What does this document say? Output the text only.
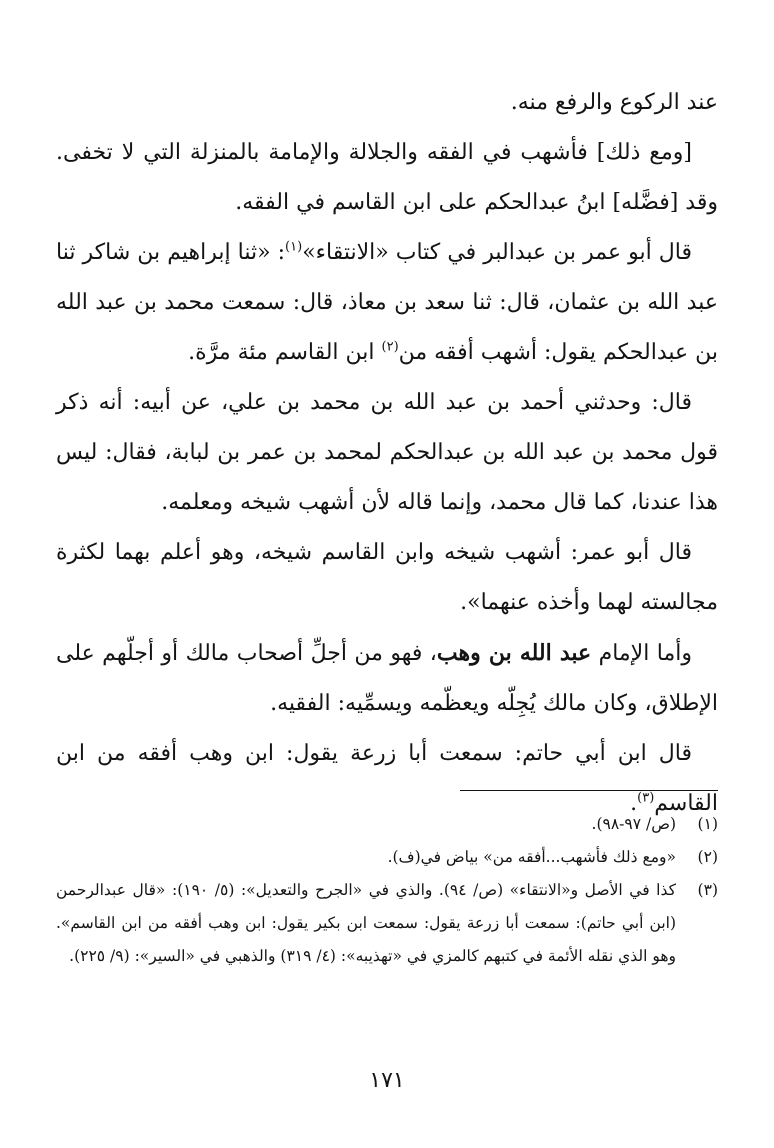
عند الركوع والرفع منه.

[ومع ذلك] فأشهب في الفقه والجلالة والإمامة بالمنزلة التي لا تخفى. وقد [فضَّله] ابنُ عبدالحكم على ابن القاسم في الفقه.

قال أبو عمر بن عبدالبر في كتاب «الانتقاء»$^{(١)}$: «ثنا إبراهيم بن شاكر ثنا عبد الله بن عثمان، قال: ثنا سعد بن معاذ، قال: سمعت محمد بن عبد الله بن عبدالحكم يقول: أشهب أفقه من$^{(٢)}$ ابن القاسم مئة مرَّة.

قال: وحدثني أحمد بن عبد الله بن محمد بن علي، عن أبيه: أنه ذكر قول محمد بن عبد الله بن عبدالحكم لمحمد بن عمر بن لبابة، فقال: ليس هذا عندنا، كما قال محمد، وإنما قاله لأن أشهب شيخه ومعلمه.

قال أبو عمر: أشهب شيخه وابن القاسم شيخه، وهو أعلم بهما لكثرة مجالسته لهما وأخذه عنهما».

وأما الإمام عبد الله بن وهب، فهو من أجلِّ أصحاب مالك أو أجلّهم على الإطلاق، وكان مالك يُجِلّه ويعظّمه ويسمِّيه: الفقيه.

قال ابن أبي حاتم: سمعت أبا زرعة يقول: ابن وهب أفقه من ابن القاسم$^{(٣)}$.

(١)
(ص/ ٩٧-٩٨).
(٢)
«ومع ذلك فأشهب...أفقه من» بياض في(ف).
(٣)
كذا في الأصل و«الانتقاء» (ص/ ٩٤). والذي في «الجرح والتعديل»: (٥/ ١٩٠): «قال عبدالرحمن (ابن أبي حاتم): سمعت أبا زرعة يقول: سمعت ابن بكير يقول: ابن وهب أفقه من ابن القاسم». وهو الذي نقله الأئمة في كتبهم كالمزي في «تهذيبه»: (٤/ ٣١٩) والذهبي في «السير»: (٩/ ٢٢٥).
١٧١
